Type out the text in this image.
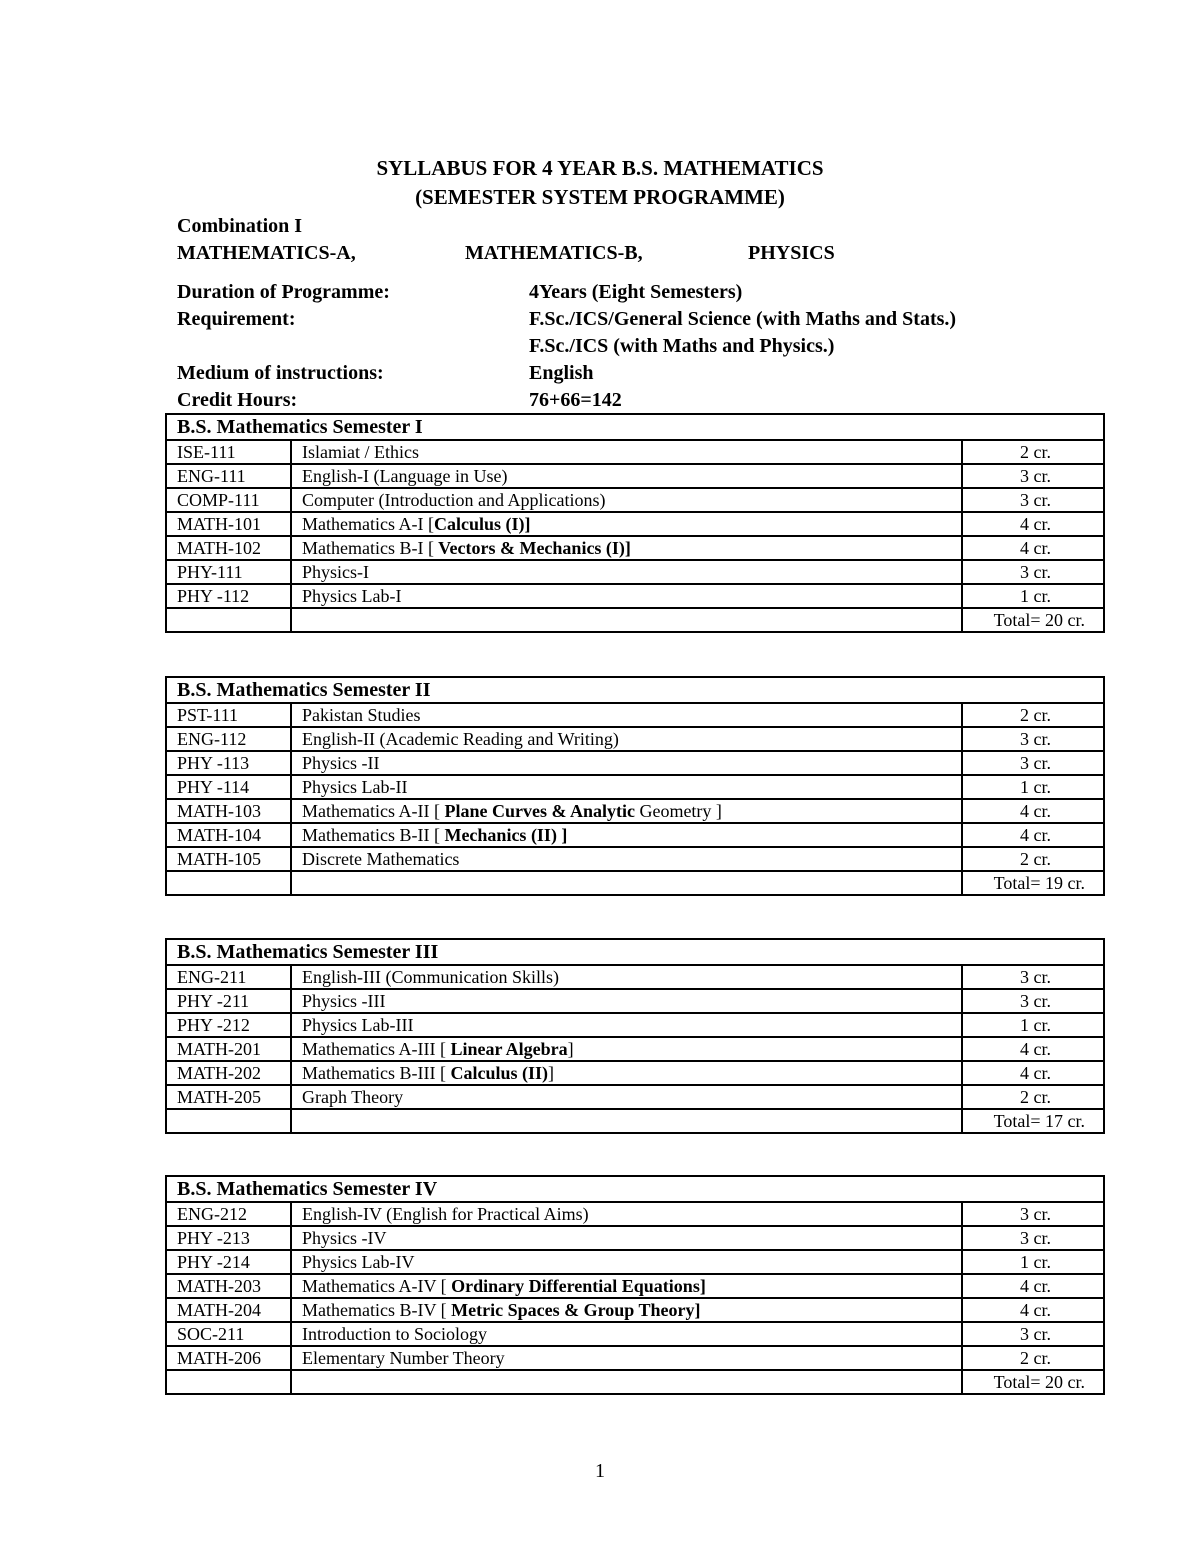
SYLLABUS FOR 4 YEAR B.S. MATHEMATICS
(SEMESTER SYSTEM PROGRAMME)
Combination I
MATHEMATICS-A,	MATHEMATICS-B,	PHYSICS
Duration of Programme:	4Years (Eight Semesters)
Requirement:	F.Sc./ICS/General Science (with Maths and Stats.)
F.Sc./ICS (with Maths and Physics.)
Medium of instructions:	English
Credit Hours:	76+66=142
B.S. Mathematics Semester I		
ISE-111	Islamiat / Ethics	2 cr.
ENG-111	English-I (Language in Use)	3 cr.
COMP-111	Computer (Introduction and Applications)	3 cr.
MATH-101	Mathematics A-I [Calculus (I)]	4 cr.
MATH-102	Mathematics B-I [ Vectors & Mechanics (I)]	4 cr.
PHY-111	Physics-I	3 cr.
PHY -112	Physics Lab-I	1 cr.
		Total= 20 cr.
B.S. Mathematics Semester II		
PST-111	Pakistan Studies	2 cr.
ENG-112	English-II (Academic Reading and Writing)	3 cr.
PHY -113	Physics -II	3 cr.
PHY -114	Physics Lab-II	1 cr.
MATH-103	Mathematics A-II [ Plane Curves & Analytic Geometry ]	4 cr.
MATH-104	Mathematics B-II [ Mechanics (II) ]	4 cr.
MATH-105	Discrete Mathematics	2 cr.
		Total= 19 cr.
B.S. Mathematics Semester III		
ENG-211	English-III (Communication Skills)	3 cr.
PHY -211	Physics -III	3 cr.
PHY -212	Physics Lab-III	1 cr.
MATH-201	Mathematics A-III [ Linear Algebra]	4 cr.
MATH-202	Mathematics B-III [ Calculus (II)]	4 cr.
MATH-205	Graph Theory	2 cr.
		Total= 17 cr.
B.S. Mathematics Semester IV		
ENG-212	English-IV (English for Practical Aims)	3 cr.
PHY -213	Physics -IV	3 cr.
PHY -214	Physics Lab-IV	1 cr.
MATH-203	Mathematics A-IV [ Ordinary Differential Equations]	4 cr.
MATH-204	Mathematics B-IV [ Metric Spaces & Group Theory]	4 cr.
SOC-211	Introduction to Sociology	3 cr.
MATH-206	Elementary Number Theory	2 cr.
		Total= 20 cr.
1
